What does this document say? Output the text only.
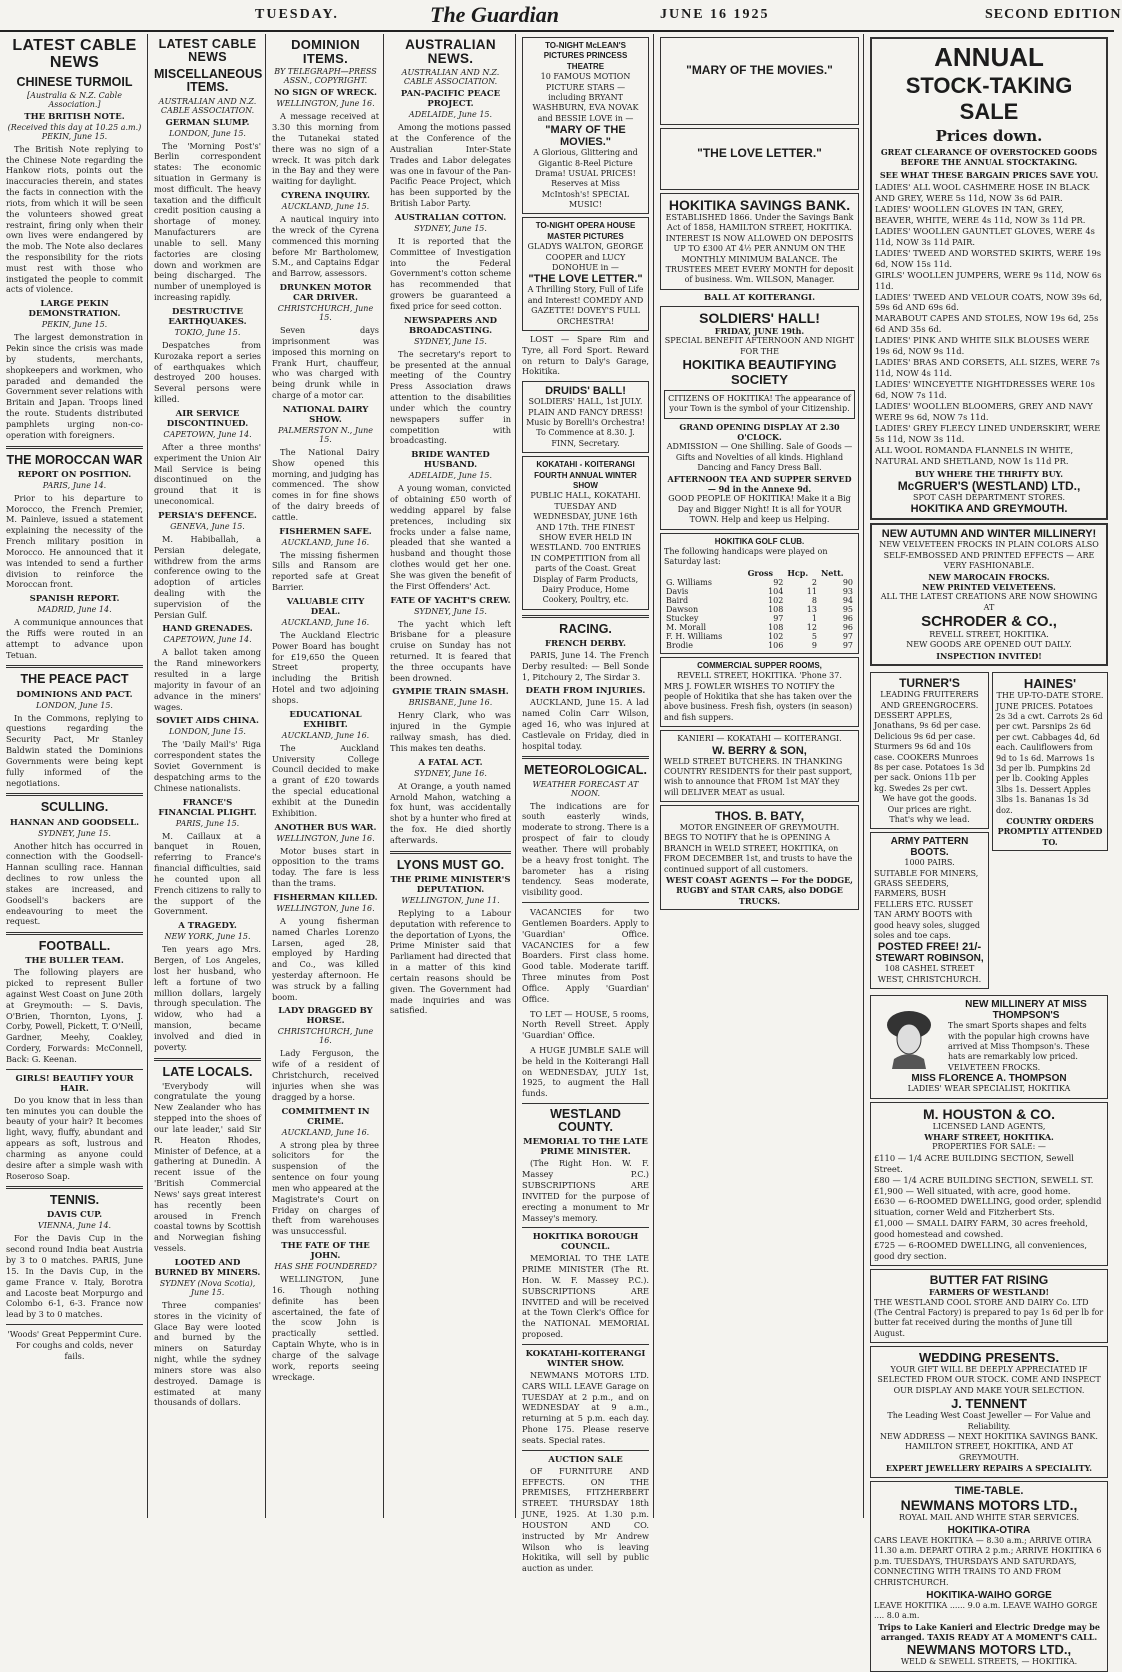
TUESDAY.	The Guardian	JUNE 16 1925	SECOND EDITION
LATEST CABLE NEWS
CHINESE TURMOIL
[Australia & N.Z. Cable Association.]
THE BRITISH NOTE.
(Received this day at 10.25 a.m.) PEKIN, June 15.

The British Note replying to the Chinese Note regarding the Hankow riots, points out the inaccuracies therein, and states the facts in connection with the riots, from which it will be seen the volunteers showed great restraint, firing only when their own lives were endangered by the mob. The Note also declares the responsibility for the riots must rest with those who instigated the people to commit acts of violence.

LARGE PEKIN DEMONSTRATION.
PEKIN, June 15.

The largest demonstration in Pekin since the crisis was made by students, merchants, shopkeepers and workmen, who paraded and demanded the Government sever relations with Britain and Japan. Troops lined the route. Students distributed pamphlets urging non-co-operation with foreigners.

THE MOROCCAN WAR
REPORT ON POSITION.
PARIS, June 14.

Prior to his departure to Morocco, the French Premier, M. Painleve, issued a statement explaining the necessity of the French military position in Morocco. He announced that it was intended to send a further division to reinforce the Moroccan front.

SPANISH REPORT.
MADRID, June 14.

A communique announces that the Riffs were routed in an attempt to advance upon Tetuan.

THE PEACE PACT
DOMINIONS AND PACT.
LONDON, June 15.

In the Commons, replying to questions regarding the Security Pact, Mr Stanley Baldwin stated the Dominions Governments were being kept fully informed of the negotiations.

SCULLING.
HANNAN AND GOODSELL.
SYDNEY, June 15.

Another hitch has occurred in connection with the Goodsell-Hannan sculling race. Hannan declines to row unless the stakes are increased, and Goodsell's backers are endeavouring to meet the request.

FOOTBALL.
THE BULLER TEAM.

The following players are picked to represent Buller against West Coast on June 20th at Greymouth: — S. Davis, O'Brien, Thornton, Lyons, J. Corby, Powell, Pickett, T. O'Neill, Gardner, Meehy, Coakley, Cordery, Forwards: McConnell, Back: G. Keenan.

GIRLS! BEAUTIFY YOUR HAIR.

Do you know that in less than ten minutes you can double the beauty of your hair? It becomes light, wavy, fluffy, abundant and appears as soft, lustrous and charming as anyone could desire after a simple wash with Roseroso Soap.

TENNIS.
DAVIS CUP.
VIENNA, June 14.

For the Davis Cup in the second round India beat Austria by 3 to 0 matches. PARIS, June 15. In the Davis Cup, in the game France v. Italy, Borotra and Lacoste beat Morpurgo and Colombo 6-1, 6-3. France now lead by 3 to 0 matches.

'Woods' Great Peppermint Cure. For coughs and colds, never fails.
LATEST CABLE NEWS
MISCELLANEOUS ITEMS.
AUSTRALIAN AND N.Z. CABLE ASSOCIATION.
GERMAN SLUMP.
LONDON, June 15.

The 'Morning Post's' Berlin correspondent states: The economic situation in Germany is most difficult. The heavy taxation and the difficult credit position causing a shortage of money. Manufacturers are unable to sell. Many factories are closing down and workmen are being discharged. The number of unemployed is increasing rapidly.

DESTRUCTIVE EARTHQUAKES.
TOKIO, June 15.

Despatches from Kurozaka report a series of earthquakes which destroyed 200 houses. Several persons were killed.

AIR SERVICE DISCONTINUED.
CAPETOWN, June 14.

After a three months' experiment the Union Air Mail Service is being discontinued on the ground that it is uneconomical.

PERSIA'S DEFENCE.
GENEVA, June 15.

M. Habiballah, a Persian delegate, withdrew from the arms conference owing to the adoption of articles dealing with the supervision of the Persian Gulf.

HAND GRENADES.
CAPETOWN, June 14.

A ballot taken among the Rand mineworkers resulted in a large majority in favour of an advance in the miners' wages.

SOVIET AIDS CHINA.
LONDON, June 15.

The 'Daily Mail's' Riga correspondent states the Soviet Government is despatching arms to the Chinese nationalists.

FRANCE'S FINANCIAL PLIGHT.
PARIS, June 15.

M. Caillaux at a banquet in Rouen, referring to France's financial difficulties, said he counted upon all French citizens to rally to the support of the Government.

A TRAGEDY.
NEW YORK, June 15.

Ten years ago Mrs. Bergen, of Los Angeles, lost her husband, who left a fortune of two million dollars, largely through speculation. The widow, who had a mansion, became involved and died in poverty.

LATE LOCALS.

'Everybody will congratulate the young New Zealander who has stepped into the shoes of our late leader,' said Sir R. Heaton Rhodes, Minister of Defence, at a gathering at Dunedin. A recent issue of the 'British Commercial News' says great interest has recently been aroused in French coastal towns by Scottish and Norwegian fishing vessels.

LOOTED AND BURNED BY MINERS.
SYDNEY (Nova Scotia), June 15.

Three companies' stores in the vicinity of Glace Bay were looted and burned by the miners on Saturday night, while the sydney miners store was also destroyed. Damage is estimated at many thousands of dollars.

DOMINION ITEMS.
BY TELEGRAPH—PRESS ASSN., COPYRIGHT.
NO SIGN OF WRECK.
WELLINGTON, June 16.

A message received at 3.30 this morning from the Tutanekai stated there was no sign of a wreck. It was pitch dark in the Bay and they were waiting for daylight.

CYRENA INQUIRY.
AUCKLAND, June 15.

A nautical inquiry into the wreck of the Cyrena commenced this morning before Mr Bartholomew, S.M., and Captains Edgar and Barrow, assessors.

DRUNKEN MOTOR CAR DRIVER.
CHRISTCHURCH, June 15.

Seven days imprisonment was imposed this morning on Frank Hurt, chauffeur, who was charged with being drunk while in charge of a motor car.

NATIONAL DAIRY SHOW.
PALMERSTON N., June 15.

The National Dairy Show opened this morning, and judging has commenced. The show comes in for fine shows of the dairy breeds of cattle.

FISHERMEN SAFE.
AUCKLAND, June 16.

The missing fishermen Sills and Ransom are reported safe at Great Barrier.

VALUABLE CITY DEAL.
AUCKLAND, June 16.

The Auckland Electric Power Board has bought for £19,650 the Queen Street property, including the British Hotel and two adjoining shops.

EDUCATIONAL EXHIBIT.
AUCKLAND, June 16.

The Auckland University College Council decided to make a grant of £20 towards the special educational exhibit at the Dunedin Exhibition.

ANOTHER BUS WAR.
WELLINGTON, June 16.

Motor buses start in opposition to the trams today. The fare is less than the trams.

FISHERMAN KILLED.
WELLINGTON, June 16.

A young fisherman named Charles Lorenzo Larsen, aged 28, employed by Harding and Co., was killed yesterday afternoon. He was struck by a falling boom.

LADY DRAGGED BY HORSE.
CHRISTCHURCH, June 16.

Lady Ferguson, the wife of a resident of Christchurch, received injuries when she was dragged by a horse.

COMMITMENT IN CRIME.
AUCKLAND, June 16.

A strong plea by three solicitors for the suspension of the sentence on four young men who appeared at the Magistrate's Court on Friday on charges of theft from warehouses was unsuccessful.

THE FATE OF THE JOHN.
HAS SHE FOUNDERED?

WELLINGTON, June 16. Though nothing definite has been ascertained, the fate of the scow John is practically settled. Captain Whyte, who is in charge of the salvage work, reports seeing wreckage.

AUSTRALIAN NEWS.
AUSTRALIAN AND N.Z. CABLE ASSOCIATION.
PAN-PACIFIC PEACE PROJECT.
ADELAIDE, June 15.

Among the motions passed at the Conference of the Australian Inter-State Trades and Labor delegates was one in favour of the Pan-Pacific Peace Project, which has been supported by the British Labor Party.

AUSTRALIAN COTTON.
SYDNEY, June 15.

It is reported that the Committee of Investigation into the Federal Government's cotton scheme has recommended that growers be guaranteed a fixed price for seed cotton.

NEWSPAPERS AND BROADCASTING.
SYDNEY, June 15.

The secretary's report to be presented at the annual meeting of the Country Press Association draws attention to the disabilities under which the country newspapers suffer in competition with broadcasting.

BRIDE WANTED HUSBAND.
ADELAIDE, June 15.

A young woman, convicted of obtaining £50 worth of wedding apparel by false pretences, including six frocks under a false name, pleaded that she wanted a husband and thought those clothes would get her one. She was given the benefit of the First Offenders' Act.

FATE OF YACHT'S CREW.
SYDNEY, June 15.

The yacht which left Brisbane for a pleasure cruise on Sunday has not returned. It is feared that the three occupants have been drowned.

GYMPIE TRAIN SMASH.
BRISBANE, June 16.

Henry Clark, who was injured in the Gympie railway smash, has died. This makes ten deaths.

A FATAL ACT.
SYDNEY, June 16.

At Orange, a youth named Arnold Mahon, watching a fox hunt, was accidentally shot by a hunter who fired at the fox. He died shortly afterwards.

LYONS MUST GO.
THE PRIME MINISTER'S DEPUTATION.
WELLINGTON, June 11.

Replying to a Labour deputation with reference to the deportation of Lyons, the Prime Minister said that Parliament had directed that in a matter of this kind certain reasons should be given. The Government had made inquiries and was satisfied.

TO-NIGHT McLEAN'S PICTURES PRINCESS THEATRE
10 FAMOUS MOTION PICTURE STARS — including BRYANT WASHBURN, EVA NOVAK and BESSIE LOVE in —
"MARY OF THE MOVIES."
A Glorious, Glittering and Gigantic 8-Reel Picture Drama! USUAL PRICES! Reserves at Miss McIntosh's! SPECIAL MUSIC!
TO-NIGHT OPERA HOUSE MASTER PICTURES
GLADYS WALTON, GEORGE COOPER and LUCY DONOHUE in —
"THE LOVE LETTER."
A Thrilling Story, Full of Life and Interest! COMEDY AND GAZETTE! DOVEY'S FULL ORCHESTRA!

LOST — Spare Rim and Tyre, all Ford Sport. Reward on return to Daly's Garage, Hokitika.

DRUIDS' BALL!
SOLDIERS' HALL, 1st JULY. PLAIN AND FANCY DRESS! Music by Borelli's Orchestra! To Commence at 8.30. J. FINN, Secretary.
KOKATAHI - KOITERANGI FOURTH ANNUAL WINTER SHOW
PUBLIC HALL, KOKATAHI. TUESDAY AND WEDNESDAY, JUNE 16th AND 17th. THE FINEST SHOW EVER HELD IN WESTLAND. 700 ENTRIES IN COMPETITION from all parts of the Coast. Great Display of Farm Products, Dairy Produce, Home Cookery, Poultry, etc.
RACING.
FRENCH DERBY.

PARIS, June 14. The French Derby resulted: — Bell Sonde 1, Pitchoury 2, The Sirdar 3.

DEATH FROM INJURIES.

AUCKLAND, June 15. A lad named Colin Carr Wilson, aged 16, who was injured at Castlevale on Friday, died in hospital today.

METEOROLOGICAL.
WEATHER FORECAST AT NOON.

The indications are for south easterly winds, moderate to strong. There is a prospect of fair to cloudy weather. There will probably be a heavy frost tonight. The barometer has a rising tendency. Seas moderate, visibility good.

VACANCIES for two Gentlemen Boarders. Apply to 'Guardian' Office. VACANCIES for a few Boarders. First class home. Good table. Moderate tariff. Three minutes from Post Office. Apply 'Guardian' Office.

TO LET — HOUSE, 5 rooms, North Revell Street. Apply 'Guardian' Office.

A HUGE JUMBLE SALE will be held in the Koiterangi Hall on WEDNESDAY, JULY 1st, 1925, to augment the Hall funds.

WESTLAND COUNTY.
MEMORIAL TO THE LATE PRIME MINISTER.

(The Right Hon. W. F. Massey P.C.) SUBSCRIPTIONS ARE INVITED for the purpose of erecting a monument to Mr Massey's memory.

HOKITIKA BOROUGH COUNCIL.

MEMORIAL TO THE LATE PRIME MINISTER (The Rt. Hon. W. F. Massey P.C.). SUBSCRIPTIONS ARE INVITED and will be received at the Town Clerk's Office for the NATIONAL MEMORIAL proposed.

KOKATAHI-KOITERANGI WINTER SHOW.

NEWMANS MOTORS LTD. CARS WILL LEAVE Garage on TUESDAY at 2 p.m., and on WEDNESDAY at 9 a.m., returning at 5 p.m. each day. Phone 175. Please reserve seats. Special rates.

AUCTION SALE

OF FURNITURE AND EFFECTS. ON THE PREMISES, FITZHERBERT STREET. THURSDAY 18th JUNE, 1925. At 1.30 p.m. HOUSTON AND CO. instructed by Mr Andrew Wilson who is leaving Hokitika, will sell by public auction as under.

"MARY OF THE MOVIES."
"THE LOVE LETTER."
HOKITIKA SAVINGS BANK.
ESTABLISHED 1866. Under the Savings Bank Act of 1858, HAMILTON STREET, HOKITIKA. INTEREST IS NOW ALLOWED ON DEPOSITS UP TO £300 AT 4½ PER ANNUM ON THE MONTHLY MINIMUM BALANCE. The TRUSTEES MEET EVERY MONTH for deposit of business. Wm. WILSON, Manager.
BALL AT KOITERANGI.
SOLDIERS' HALL!
FRIDAY, JUNE 19th.
SPECIAL BENEFIT AFTERNOON AND NIGHT FOR THE
HOKITIKA BEAUTIFYING SOCIETY
CITIZENS OF HOKITIKA! The appearance of your Town is the symbol of your Citizenship.
GRAND OPENING DISPLAY AT 2.30 O'CLOCK.
ADMISSION — One Shilling. Sale of Goods — Gifts and Novelties of all kinds. Highland Dancing and Fancy Dress Ball.
AFTERNOON TEA AND SUPPER SERVED — 9d in the Annexe 9d.
GOOD PEOPLE OF HOKITIKA! Make it a Big Day and Bigger Night! It is all for YOUR TOWN. Help and keep us Helping.
HOKITIKA GOLF CLUB.
The following handicaps were played on Saturday last:
	Gross	Hcp.	Nett.
G. Williams	92	2	90
Davis	104	11	93
Baird	102	8	94
Dawson	108	13	95
Stuckey	97	1	96
M. Morall	108	12	96
F. H. Williams	102	5	97
Brodie	106	9	97
COMMERCIAL SUPPER ROOMS,
REVELL STREET, HOKITIKA. 'Phone 37.
MRS J. FOWLER WISHES TO NOTIFY the people of Hokitika that she has taken over the above business. Fresh fish, oysters (in season) and fish suppers.
KANIERI — KOKATAHI — KOITERANGI.
W. BERRY & SON,
WELD STREET BUTCHERS. IN THANKING COUNTRY RESIDENTS for their past support, wish to announce that FROM 1st MAY they will DELIVER MEAT as usual.
THOS. B. BATY,
MOTOR ENGINEER OF GREYMOUTH.
BEGS TO NOTIFY that he is OPENING A BRANCH in WELD STREET, HOKITIKA, on FROM DECEMBER 1st, and trusts to have the continued support of all customers.
WEST COAST AGENTS — For the DODGE, RUGBY and STAR CARS, also DODGE TRUCKS.
ANNUAL
STOCK-TAKING SALE
Prices down.
GREAT CLEARANCE OF OVERSTOCKED GOODS BEFORE THE ANNUAL STOCKTAKING.
SEE WHAT THESE BARGAIN PRICES SAVE YOU.
LADIES' ALL WOOL CASHMERE HOSE IN BLACK AND GREY, WERE 5s 11d, NOW 3s 6d PAIR.
LADIES' WOOLLEN GLOVES IN TAN, GREY, BEAVER, WHITE, WERE 4s 11d, NOW 3s 11d PR.
LADIES' WOOLLEN GAUNTLET GLOVES, WERE 4s 11d, NOW 3s 11d PAIR.
LADIES' TWEED AND WORSTED SKIRTS, WERE 19s 6d, NOW 15s 11d.
GIRLS' WOOLLEN JUMPERS, WERE 9s 11d, NOW 6s 11d.
LADIES' TWEED AND VELOUR COATS, NOW 39s 6d, 59s 6d AND 69s 6d.
MARABOUT CAPES AND STOLES, NOW 19s 6d, 25s 6d AND 35s 6d.
LADIES' PINK AND WHITE SILK BLOUSES WERE 19s 6d, NOW 9s 11d.
LADIES' BRAS AND CORSETS, ALL SIZES, WERE 7s 11d, NOW 4s 11d.
LADIES' WINCEYETTE NIGHTDRESSES WERE 10s 6d, NOW 7s 11d.
LADIES' WOOLLEN BLOOMERS, GREY AND NAVY WERE 9s 6d, NOW 7s 11d.
LADIES' GREY FLEECY LINED UNDERSKIRT, WERE 5s 11d, NOW 3s 11d.
ALL WOOL ROMANDA FLANNELS IN WHITE, NATURAL AND SHETLAND, NOW 1s 11d PR.
BUY WHERE THE THRIFTY BUY.
McGRUER'S (WESTLAND) LTD.,
SPOT CASH DEPARTMENT STORES.
HOKITIKA AND GREYMOUTH.
NEW AUTUMN AND WINTER MILLINERY!
NEW VELVETEEN FROCKS IN PLAIN COLORS ALSO SELF-EMBOSSED AND PRINTED EFFECTS — ARE VERY FASHIONABLE.
NEW MAROCAIN FROCKS.
NEW PRINTED VELVETEENS.
ALL THE LATEST CREATIONS ARE NOW SHOWING AT
SCHRODER & CO.,
REVELL STREET, HOKITIKA.
NEW GOODS ARE OPENED OUT DAILY.
INSPECTION INVITED!
TURNER'S
LEADING FRUITERERS AND GREENGROCERS.
DESSERT APPLES, Jonathans, 9s 6d per case. Delicious 9s 6d per case. Sturmers 9s 6d and 10s case. COOKERS Munroes 8s per case. Potatoes 1s 3d per sack. Onions 11b per kg. Swedes 2s per cwt.
We have got the goods. Our prices are right. That's why we lead.
ARMY PATTERN BOOTS.
1000 PAIRS.
SUITABLE FOR MINERS, GRASS SEEDERS, FARMERS, BUSH FELLERS ETC. RUSSET TAN ARMY BOOTS with good heavy soles, slugged soles and toe caps.
POSTED FREE! 21/-
STEWART ROBINSON,
108 CASHEL STREET WEST, CHRISTCHURCH.
HAINES'
THE UP-TO-DATE STORE.
JUNE PRICES. Potatoes 2s 3d a cwt. Carrots 2s 6d per cwt. Parsnips 2s 6d per cwt. Cabbages 4d, 6d each. Cauliflowers from 9d to 1s 6d. Marrows 1s 3d per lb. Pumpkins 2d per lb. Cooking Apples 3lbs 1s. Dessert Apples 3lbs 1s. Bananas 1s 3d doz.
COUNTRY ORDERS PROMPTLY ATTENDED TO.
NEW MILLINERY AT MISS THOMPSON'S
The smart Sports shapes and felts with the popular high crowns have arrived at Miss Thompson's. These hats are remarkably low priced. VELVETEEN FROCKS.
MISS FLORENCE A. THOMPSON
LADIES' WEAR SPECIALIST, HOKITIKA
M. HOUSTON & CO.
LICENSED LAND AGENTS,
WHARF STREET, HOKITIKA.
PROPERTIES FOR SALE: —
£110 — 1/4 ACRE BUILDING SECTION, Sewell Street.
£80 — 1/4 ACRE BUILDING SECTION, SEWELL ST.
£1,900 — Well situated, with acre, good home.
£630 — 6-ROOMED DWELLING, good order, splendid situation, corner Weld and Fitzherbert Sts.
£1,000 — SMALL DAIRY FARM, 30 acres freehold, good homestead and cowshed.
£725 — 6-ROOMED DWELLING, all conveniences, good dry section.
BUTTER FAT RISING
FARMERS OF WESTLAND!
THE WESTLAND COOL STORE AND DAIRY Co. LTD (The Central Factory) is prepared to pay 1s 6d per lb for butter fat received during the months of June till August.
WEDDING PRESENTS.
YOUR GIFT WILL BE DEEPLY APPRECIATED IF SELECTED FROM OUR STOCK. COME AND INSPECT OUR DISPLAY AND MAKE YOUR SELECTION.
J. TENNENT
The Leading West Coast Jeweller — For Value and Reliability.
NEW ADDRESS — NEXT HOKITIKA SAVINGS BANK. HAMILTON STREET, HOKITIKA, AND AT GREYMOUTH.
EXPERT JEWELLERY REPAIRS A SPECIALITY.
TIME-TABLE.
NEWMANS MOTORS LTD.,
ROYAL MAIL AND WHITE STAR SERVICES.
HOKITIKA-OTIRA
CARS LEAVE HOKITIKA — 8.30 a.m.; ARRIVE OTIRA 11.30 a.m. DEPART OTIRA 2 p.m.; ARRIVE HOKITIKA 6 p.m. TUESDAYS, THURSDAYS AND SATURDAYS, CONNECTING WITH TRAINS TO AND FROM CHRISTCHURCH.
HOKITIKA-WAIHO GORGE
LEAVE HOKITIKA ...... 9.0 a.m. LEAVE WAIHO GORGE .... 8.0 a.m.
Trips to Lake Kanieri and Electric Dredge may be arranged. TAXIS READY AT A MOMENT'S CALL.
NEWMANS MOTORS LTD.,
WELD & SEWELL STREETS, — HOKITIKA.
